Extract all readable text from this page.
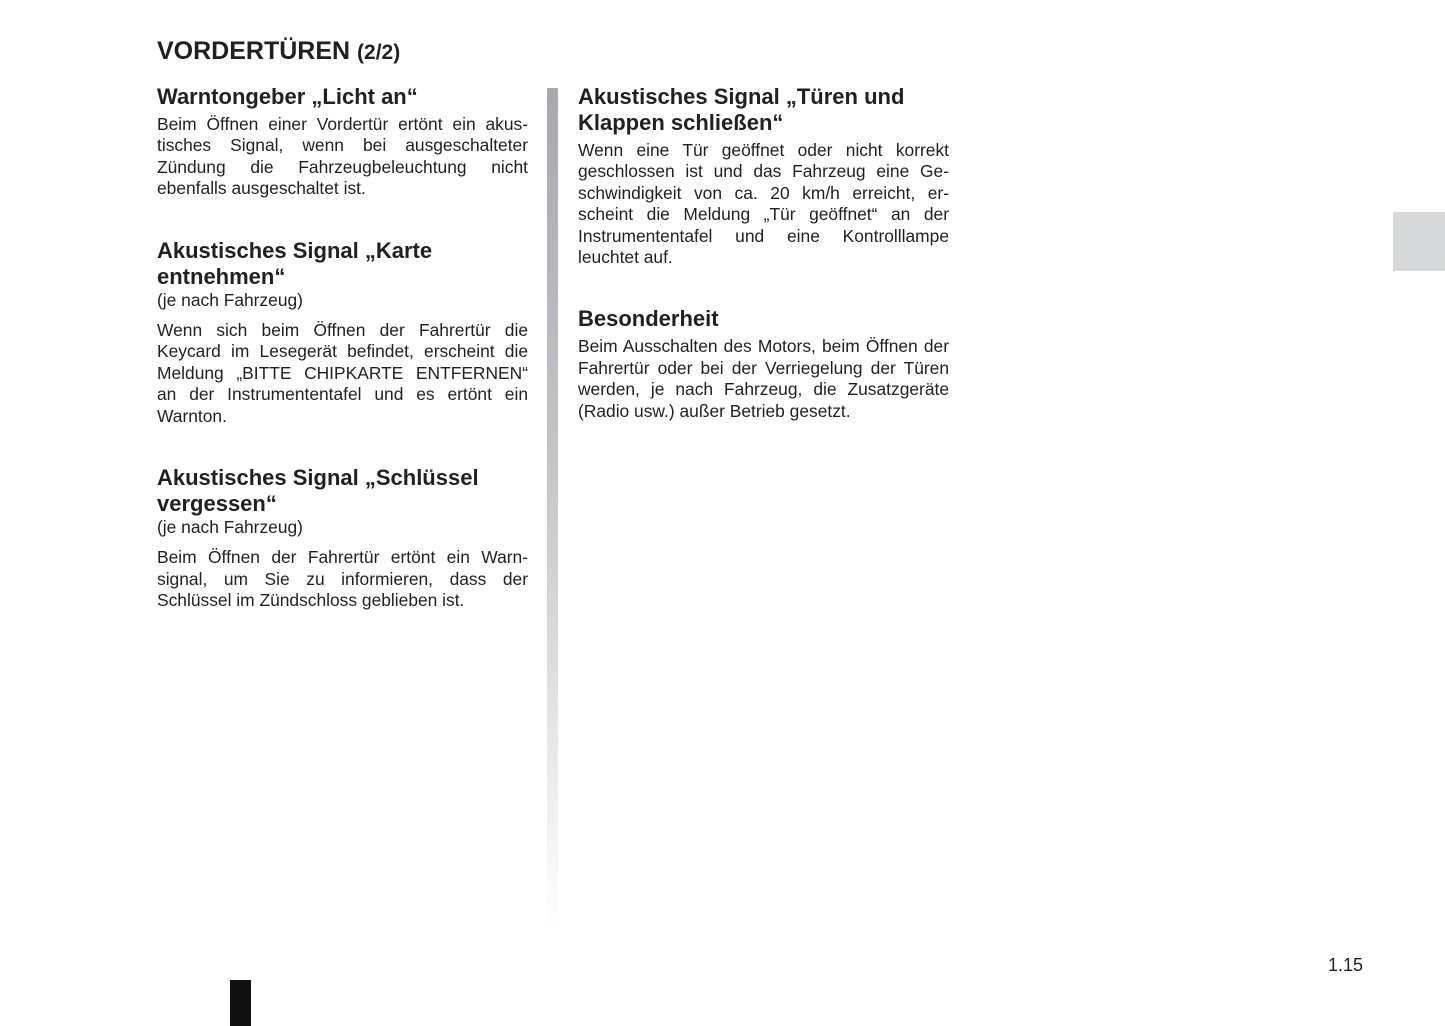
VORDERTÜREN (2/2)
Warntongeber „Licht an“

Beim Öffnen einer Vordertür ertönt ein akustisches Signal, wenn bei ausgeschalteter Zündung die Fahrzeugbeleuchtung nicht ebenfalls ausgeschaltet ist.

Akustisches Signal „Karte entnehmen“
(je nach Fahrzeug)

Wenn sich beim Öffnen der Fahrertür die Keycard im Lesegerät befindet, erscheint die Meldung „BITTE CHIPKARTE ENTFERNEN“ an der Instrumententafel und es ertönt ein Warnton.

Akustisches Signal „Schlüssel vergessen“
(je nach Fahrzeug)

Beim Öffnen der Fahrertür ertönt ein Warnsignal, um Sie zu informieren, dass der Schlüssel im Zündschloss geblieben ist.

Akustisches Signal „Türen und Klappen schließen“

Wenn eine Tür geöffnet oder nicht korrekt geschlossen ist und das Fahrzeug eine Geschwindigkeit von ca. 20 km/h erreicht, erscheint die Meldung „Tür geöffnet“ an der Instrumententafel und eine Kontrolllampe leuchtet auf.

Besonderheit

Beim Ausschalten des Motors, beim Öffnen der Fahrertür oder bei der Verriegelung der Türen werden, je nach Fahrzeug, die Zusatzgeräte (Radio usw.) außer Betrieb gesetzt.

1.15
